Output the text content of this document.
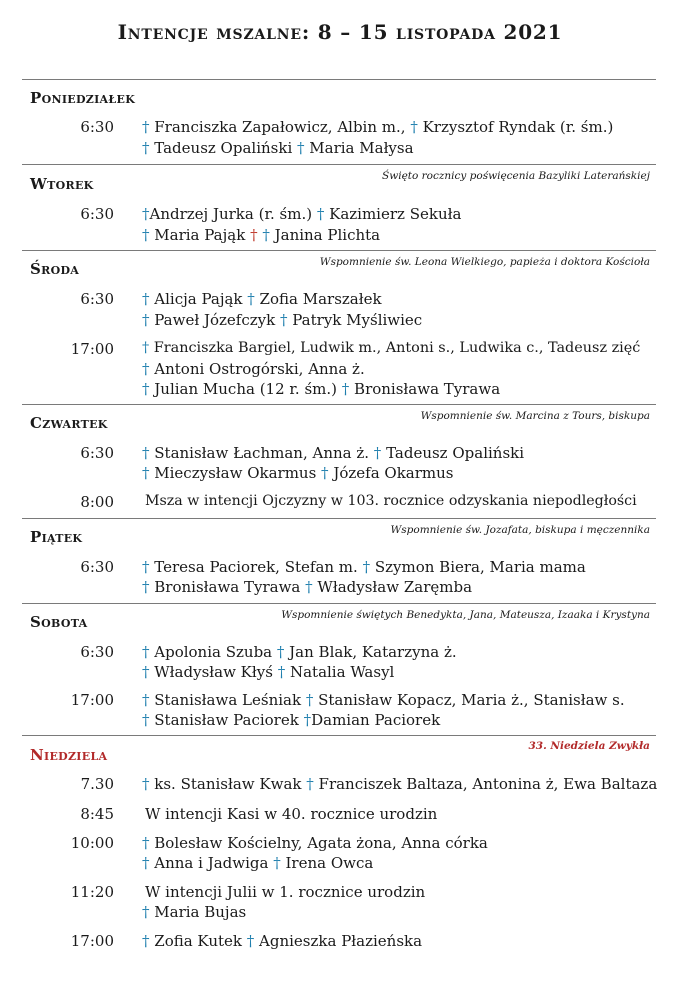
Intencje mszalne: 8 – 15 listopada 2021
Poniedziałek
6:30 † Franciszka Zapałowicz, Albin m., † Krzysztof Ryndak (r. śm.)
† Tadeusz Opaliński † Maria Małysa
Wtorek	Święto rocznicy poświęcenia Bazyliki Laterańskiej
6:30 †Andrzej Jurka (r. śm.) † Kazimierz Sekuła
† Maria Pająk † † Janina Plichta
Środa	Wspomnienie św. Leona Wielkiego, papieża i doktora Kościoła
6:30 † Alicja Pająk † Zofia Marszałek
† Paweł Józefczyk † Patryk Myśliwiec
17:00 † Franciszka Bargiel, Ludwik m., Antoni s., Ludwika c., Tadeusz zięć
† Antoni Ostrogórski, Anna ż.
† Julian Mucha (12 r. śm.) † Bronisława Tyrawa
Czwartek	Wspomnienie św. Marcina z Tours, biskupa
6:30 † Stanisław Łachman, Anna ż. † Tadeusz Opaliński
† Mieczysław Okarmus † Józefa Okarmus
8:00 Msza w intencji Ojczyzny w 103. rocznice odzyskania niepodległości
Piątek	Wspomnienie św. Jozafata, biskupa i męczennika
6:30 † Teresa Paciorek, Stefan m. † Szymon Biera, Maria mama
† Bronisława Tyrawa † Władysław Zaręmba
Sobota	Wspomnienie świętych Benedykta, Jana, Mateusza, Izaaka i Krystyna
6:30 † Apolonia Szuba † Jan Blak, Katarzyna ż.
† Władysław Kłyś † Natalia Wasyl
17:00 † Stanisława Leśniak † Stanisław Kopacz, Maria ż., Stanisław s.
† Stanisław Paciorek †Damian Paciorek
Niedziela	33. Niedziela Zwykła
7.30 † ks. Stanisław Kwak † Franciszek Baltaza, Antonina ż, Ewa Baltaza
8:45 W intencji Kasi w 40. rocznice urodzin
10:00 † Bolesław Kościelny, Agata żona, Anna córka
† Anna i Jadwiga † Irena Owca
11:20 W intencji Julii w 1. rocznice urodzin
† Maria Bujas
17:00 † Zofia Kutek † Agnieszka Płazieńska
